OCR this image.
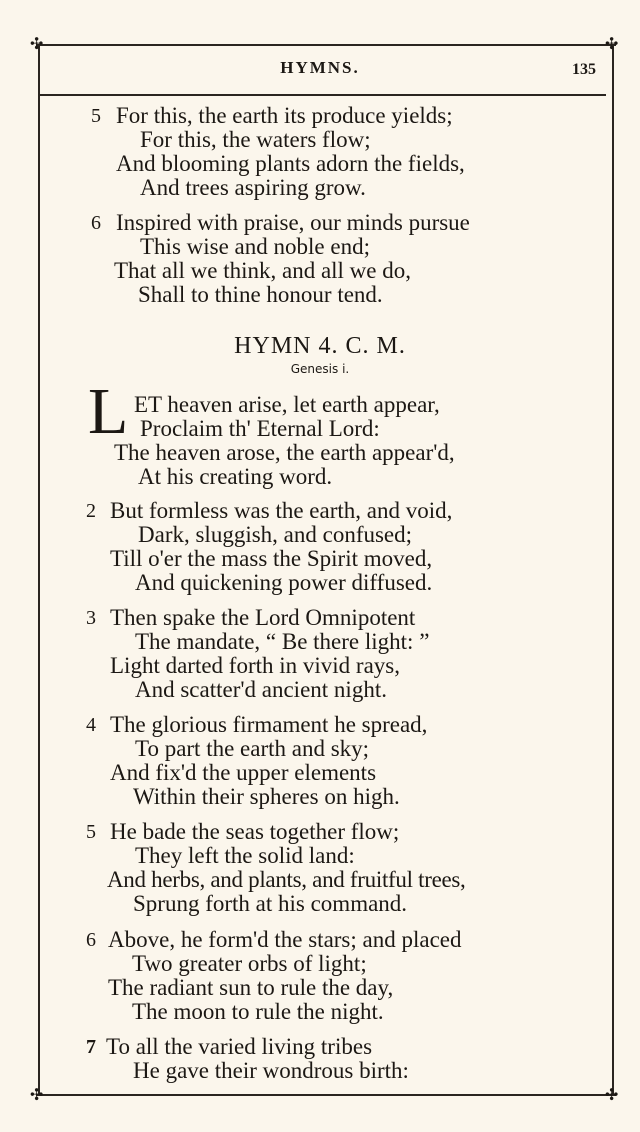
✣	✣
✣	✣
HYMNS.	135
5 For this, the earth its produce yields;
For this, the waters flow;
And blooming plants adorn the fields,
And trees aspiring grow.
6 Inspired with praise, our minds pursue
This wise and noble end;
That all we think, and all we do,
Shall to thine honour tend.
HYMN 4. C. M.
Genesis i.
L ET heaven arise, let earth appear,
Proclaim th' Eternal Lord:
The heaven arose, the earth appear'd,
At his creating word.
2 But formless was the earth, and void,
Dark, sluggish, and confused;
Till o'er the mass the Spirit moved,
And quickening power diffused.
3 Then spake the Lord Omnipotent
The mandate, “ Be there light: ”
Light darted forth in vivid rays,
And scatter'd ancient night.
4 The glorious firmament he spread,
To part the earth and sky;
And fix'd the upper elements
Within their spheres on high.
5 He bade the seas together flow;
They left the solid land:
And herbs, and plants, and fruitful trees,
Sprung forth at his command.
6 Above, he form'd the stars; and placed
Two greater orbs of light;
The radiant sun to rule the day,
The moon to rule the night.
7 To all the varied living tribes
He gave their wondrous birth:
